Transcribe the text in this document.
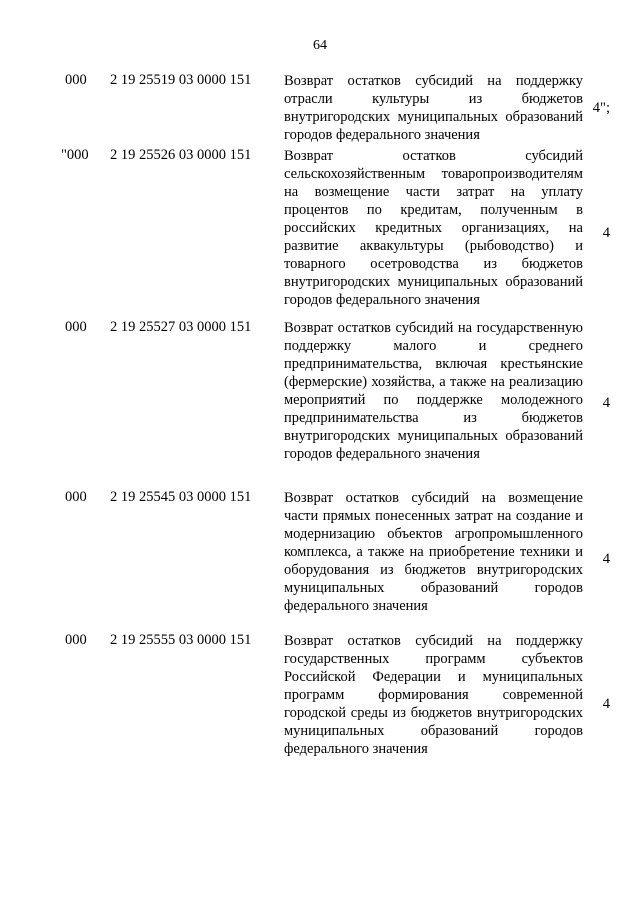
64
000 2 19 25519 03 0000 151 Возврат остатков субсидий на поддержку отрасли культуры из бюджетов внутригородских муниципальных образований городов федерального значения
4";
"000 2 19 25526 03 0000 151 Возврат остатков субсидий сельскохозяйственным товаропроизводителям на возмещение части затрат на уплату процентов по кредитам, полученным в российских кредитных организациях, на развитие аквакультуры (рыбоводство) и товарного осетроводства из бюджетов внутригородских муниципальных образований городов федерального значения
4
000 2 19 25527 03 0000 151 Возврат остатков субсидий на государственную поддержку малого и среднего предпринимательства, включая крестьянские (фермерские) хозяйства, а также на реализацию мероприятий по поддержке молодежного предпринимательства из бюджетов внутригородских муниципальных образований городов федерального значения
4
000 2 19 25545 03 0000 151 Возврат остатков субсидий на возмещение части прямых понесенных затрат на создание и модернизацию объектов агропромышленного комплекса, а также на приобретение техники и оборудования из бюджетов внутригородских муниципальных образований городов федерального значения
4
000 2 19 25555 03 0000 151 Возврат остатков субсидий на поддержку государственных программ субъектов Российской Федерации и муниципальных программ формирования современной городской среды из бюджетов внутригородских муниципальных образований городов федерального значения
4
